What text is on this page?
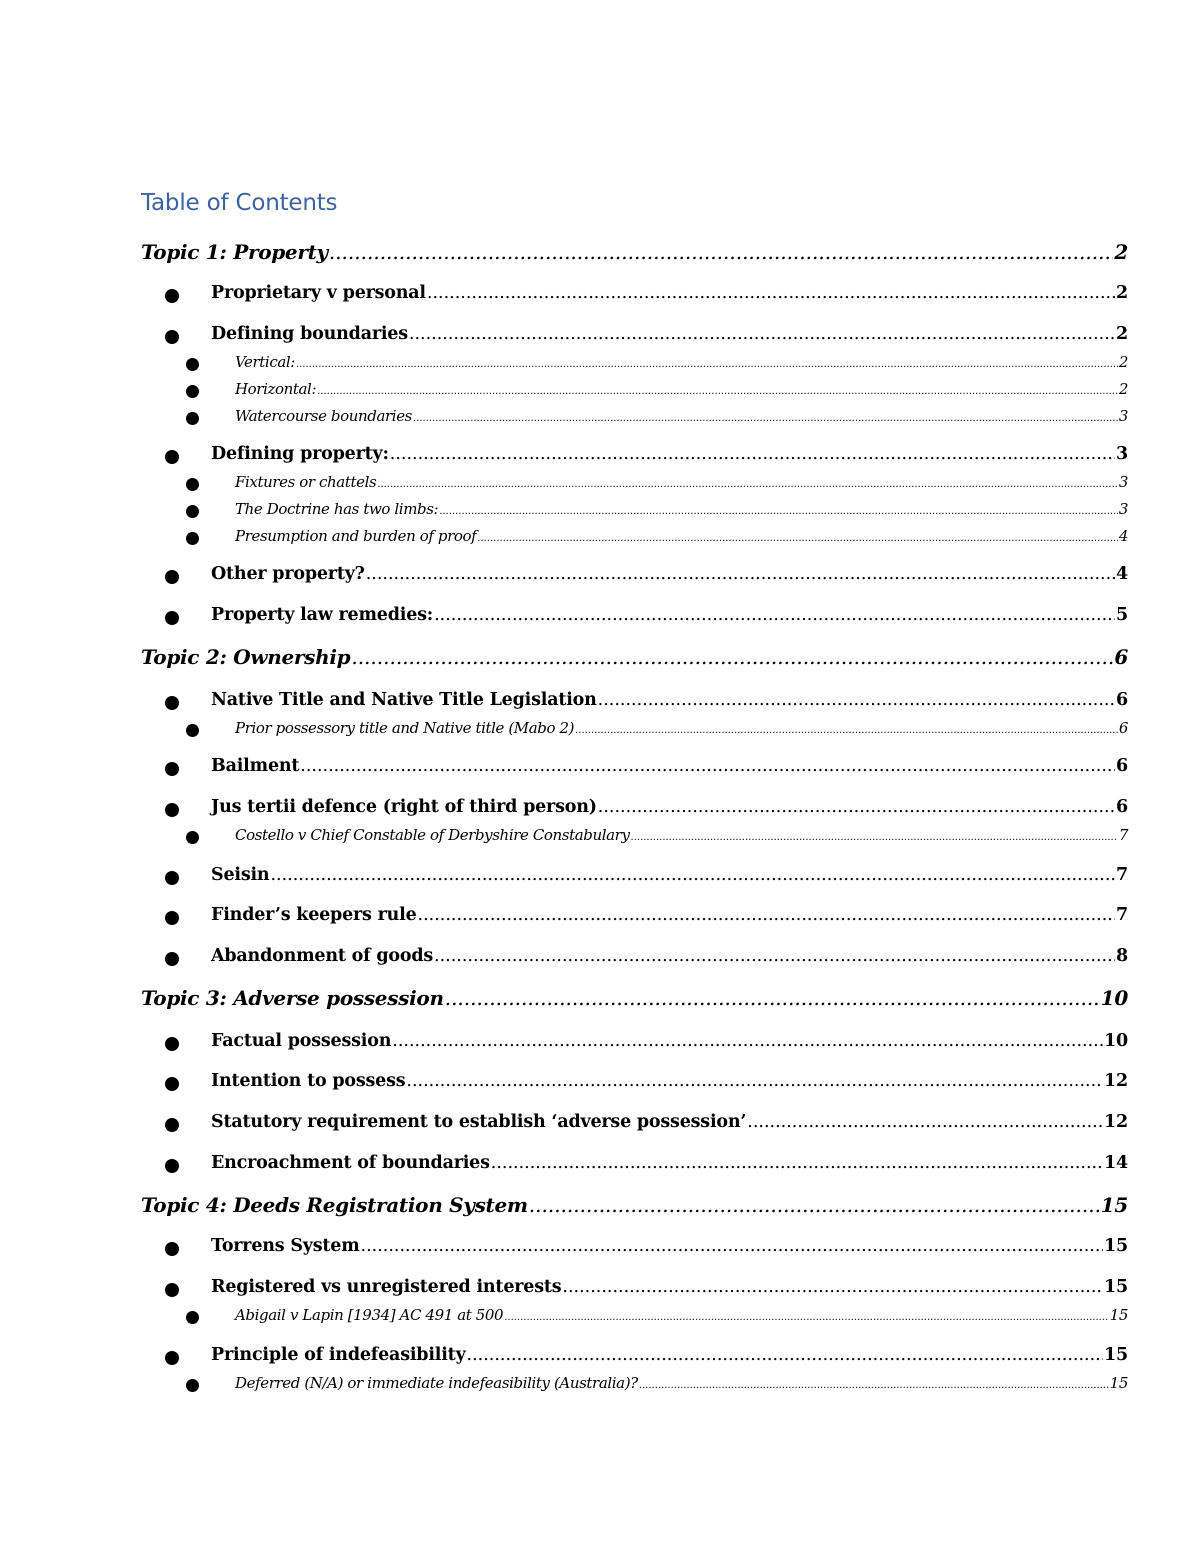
Table of Contents
Topic 1: Property .....	2
Proprietary v personal .....	2
Defining boundaries .....	2
Vertical: .....	2
Horizontal: .....	2
Watercourse boundaries .....	3
Defining property: .....	3
Fixtures or chattels .....	3
The Doctrine has two limbs: .....	3
Presumption and burden of proof .....	4
Other property? .....	4
Property law remedies: .....	5
Topic 2: Ownership .....	6
Native Title and Native Title Legislation .....	6
Prior possessory title and Native title (Mabo 2) .....	6
Bailment .....	6
Jus tertii defence (right of third person) .....	6
Costello v Chief Constable of Derbyshire Constabulary .....	7
Seisin .....	7
Finder’s keepers rule .....	7
Abandonment of goods .....	8
Topic 3: Adverse possession .....	10
Factual possession .....	10
Intention to possess .....	12
Statutory requirement to establish ‘adverse possession’ .....	12
Encroachment of boundaries .....	14
Topic 4: Deeds Registration System .....	15
Torrens System .....	15
Registered vs unregistered interests .....	15
Abigail v Lapin [1934] AC 491 at 500 .....	15
Principle of indefeasibility .....	15
Deferred (N/A) or immediate indefeasibility (Australia)? .....	15
